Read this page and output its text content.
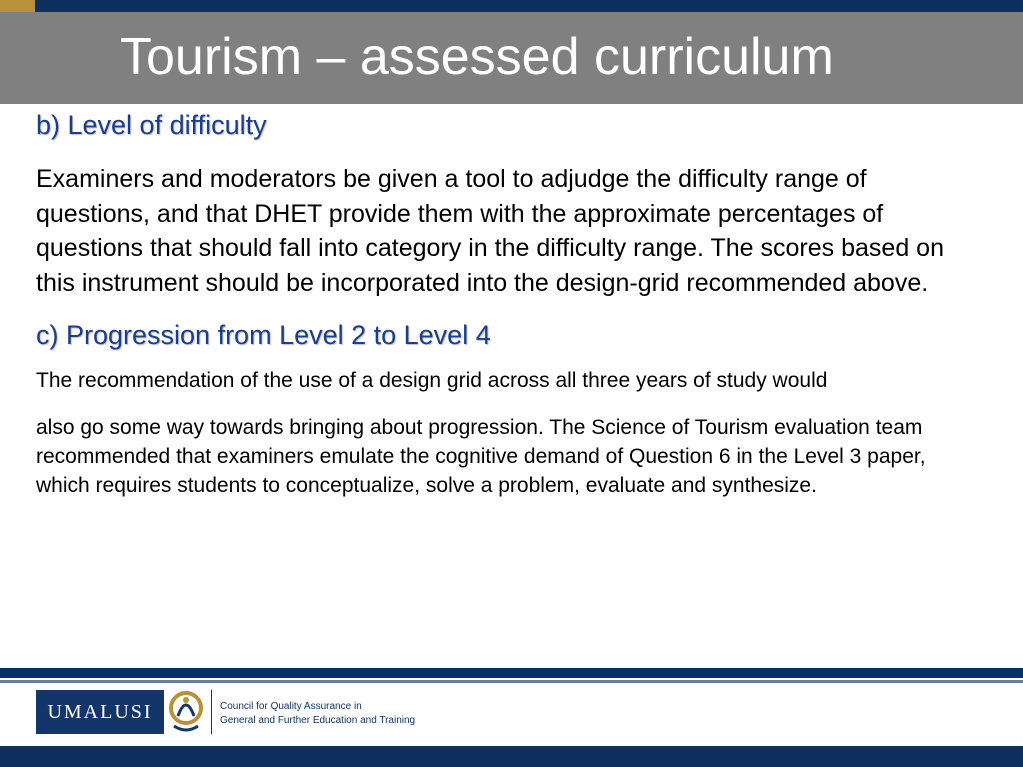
Tourism – assessed curriculum
b) Level of difficulty

Examiners and moderators be given a tool to adjudge the difficulty range of questions, and that DHET provide them with the approximate percentages of questions that should fall into category in the difficulty range. The scores based on this instrument should be incorporated into the design-grid recommended above.

c) Progression from Level 2 to Level 4

The recommendation of the use of a design grid across all three years of study would

also go some way towards bringing about progression. The Science of Tourism evaluation team recommended that examiners emulate the cognitive demand of Question 6 in the Level 3 paper, which requires students to conceptualize, solve a problem, evaluate and synthesize.

UMALUSI	Council for Quality Assurance in
General and Further Education and Training
